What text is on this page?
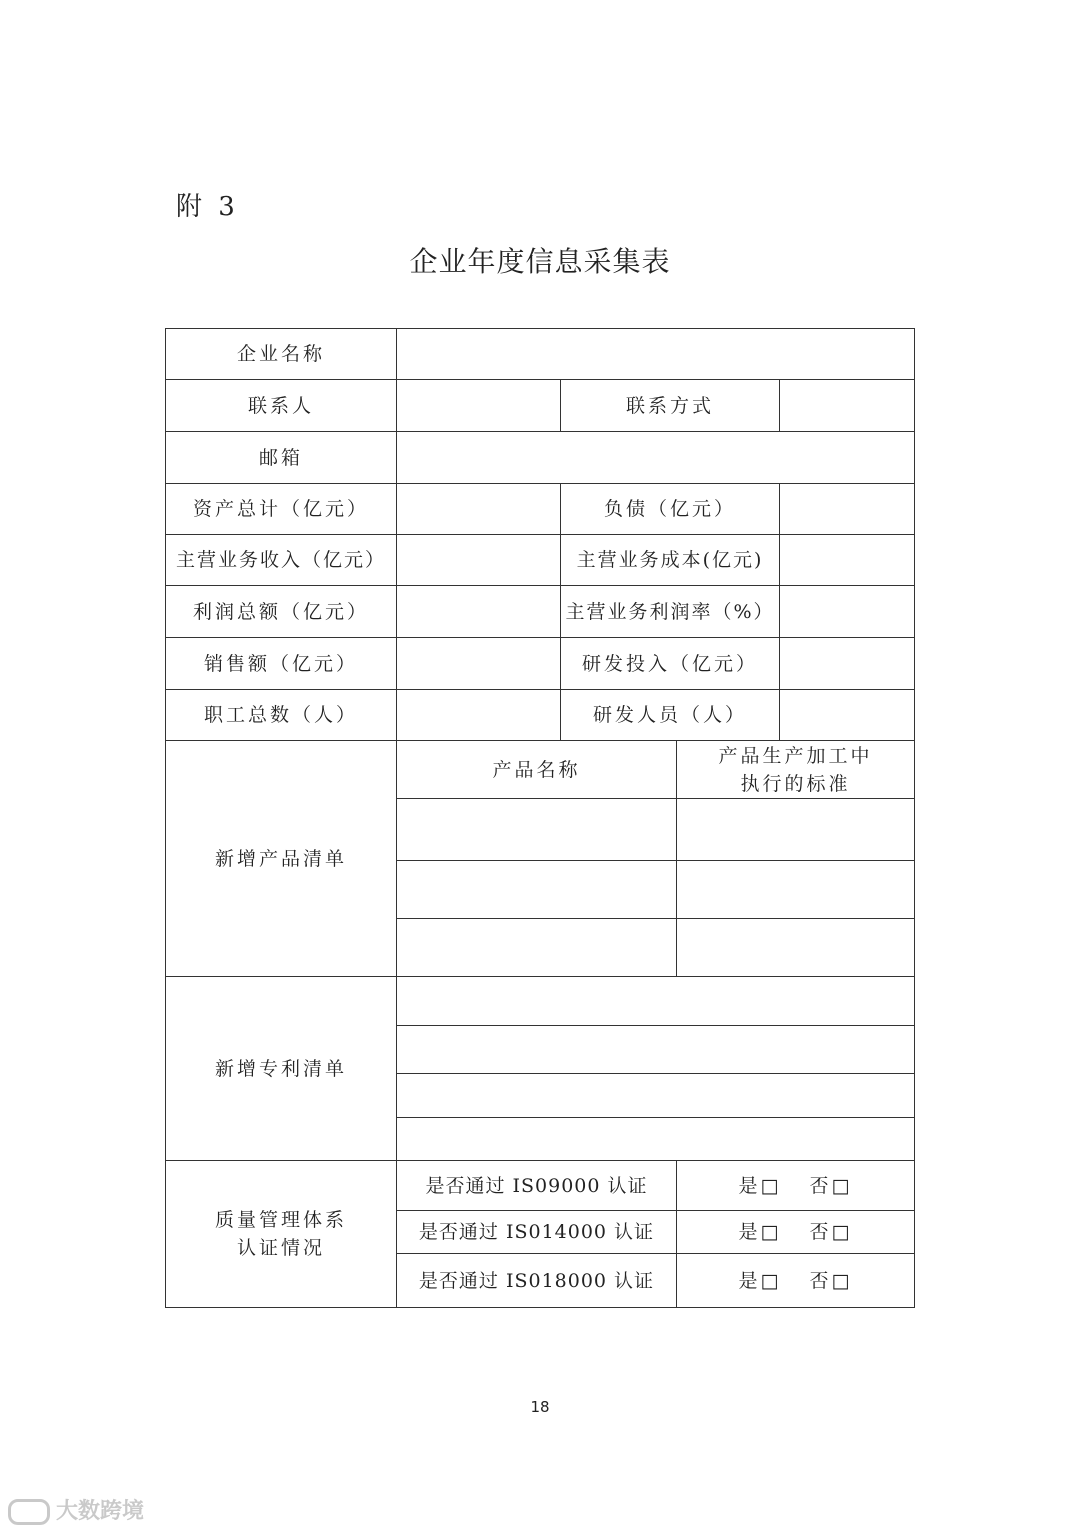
附 3
企业年度信息采集表
企业名称				
联系人		联系方式		
邮箱				
资产总计（亿元）		负债（亿元）		
主营业务收入（亿元）		主营业务成本(亿元)		
利润总额（亿元）		主营业务利润率（%）		
销售额（亿元）		研发投入（亿元）		
职工总数（人）		研发人员（人）		
新增产品清单	产品名称		产品生产加工中执行的标准	

新增专利清单				

质量管理体系认证情况	是否通过 IS09000 认证		是□ 否□	
	是否通过 IS014000 认证		是□ 否□	
	是否通过 IS018000 认证		是□ 否□	
18
大数跨境
